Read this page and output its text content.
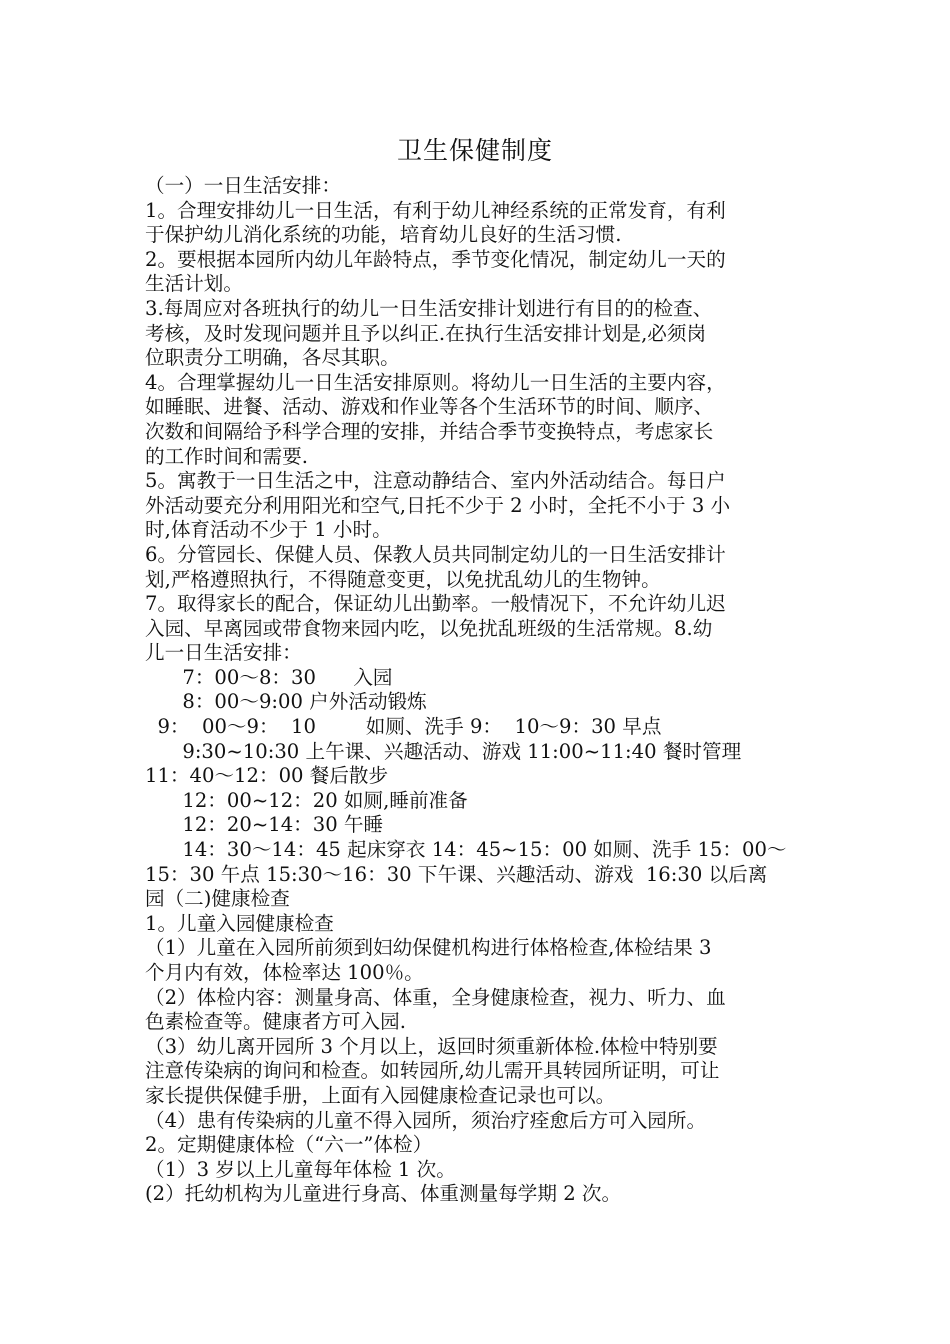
卫生保健制度
（一）一日生活安排：
1。合理安排幼儿一日生活，有利于幼儿神经系统的正常发育，有利
于保护幼儿消化系统的功能，培育幼儿良好的生活习惯.
2。要根据本园所内幼儿年龄特点，季节变化情况，制定幼儿一天的
生活计划。
3.每周应对各班执行的幼儿一日生活安排计划进行有目的的检查、
考核，及时发现问题并且予以纠正.在执行生活安排计划是,必须岗
位职责分工明确，各尽其职。
4。合理掌握幼儿一日生活安排原则。将幼儿一日生活的主要内容，
如睡眠、进餐、活动、游戏和作业等各个生活环节的时间、顺序、
次数和间隔给予科学合理的安排，并结合季节变换特点，考虑家长
的工作时间和需要.
5。寓教于一日生活之中，注意动静结合、室内外活动结合。每日户
外活动要充分利用阳光和空气,日托不少于 2 小时，全托不小于 3 小
时,体育活动不少于 1 小时。
6。分管园长、保健人员、保教人员共同制定幼儿的一日生活安排计
划,严格遵照执行，不得随意变更，以免扰乱幼儿的生物钟。
7。取得家长的配合，保证幼儿出勤率。一般情况下，不允许幼儿迟
入园、早离园或带食物来园内吃，以免扰乱班级的生活常规。8.幼
儿一日生活安排：
7：00～8：30      入园
8：00～9:00 户外活动锻炼
9：  00～9：  10        如厕、洗手 9：  10～9：30 早点
9:30~10:30 上午课、兴趣活动、游戏 11:00~11:40 餐时管理
11：40～12：00 餐后散步
12：00~12：20 如厕,睡前准备
12：20~14：30 午睡
14：30～14：45 起床穿衣 14：45~15：00 如厕、洗手 15：00～
15：30 午点 15:30～16：30 下午课、兴趣活动、游戏  16:30 以后离
园（二)健康检查
1。儿童入园健康检查
（1）儿童在入园所前须到妇幼保健机构进行体格检查,体检结果 3
个月内有效，体检率达 100％。
（2）体检内容：测量身高、体重，全身健康检查，视力、听力、血
色素检查等。健康者方可入园.
（3）幼儿离开园所 3 个月以上，返回时须重新体检.体检中特别要
注意传染病的询问和检查。如转园所,幼儿需开具转园所证明，可让
家长提供保健手册，上面有入园健康检查记录也可以。
（4）患有传染病的儿童不得入园所，须治疗痊愈后方可入园所。
2。定期健康体检（“六一”体检）
（1）3 岁以上儿童每年体检 1 次。
(2）托幼机构为儿童进行身高、体重测量每学期 2 次。
